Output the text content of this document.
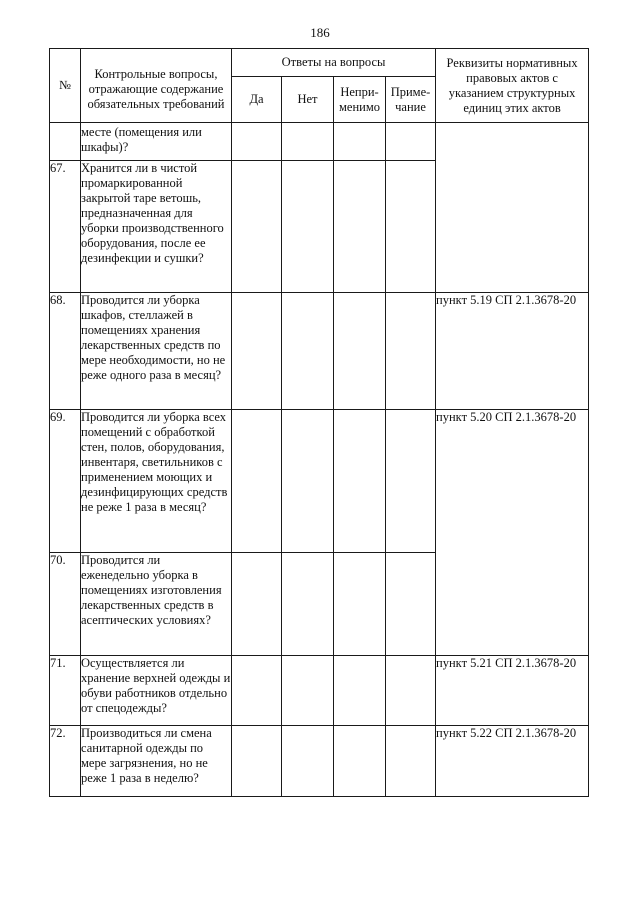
186
№	Контрольные вопросы, отражающие содержание обязательных требований	Ответы на вопросы				Реквизиты нормативных правовых актов с указанием структурных единиц этих актов
		Да	Нет	Непри-менимо	Приме-чание	
	месте (помещения или шкафы)?					
67.	Хранится ли в чистой промаркированной закрытой таре ветошь, предназначенная для уборки производственного оборудования, после ее дезинфекции и сушки?					
68.	Проводится ли уборка шкафов, стеллажей в помещениях хранения лекарственных средств по мере необходимости, но не реже одного раза в месяц?					пункт 5.19 СП 2.1.3678-20
69.	Проводится ли уборка всех помещений с обработкой стен, полов, оборудования, инвентаря, светильников с применением моющих и дезинфицирующих средств не реже 1 раза в месяц?					пункт 5.20 СП 2.1.3678-20
70.	Проводится ли еженедельно уборка в помещениях изготовления лекарственных средств в асептических условиях?					
71.	Осуществляется ли хранение верхней одежды и обуви работников отдельно от спецодежды?					пункт 5.21 СП 2.1.3678-20
72.	Производиться ли смена санитарной одежды по мере загрязнения, но не реже 1 раза в неделю?					пункт 5.22 СП 2.1.3678-20
